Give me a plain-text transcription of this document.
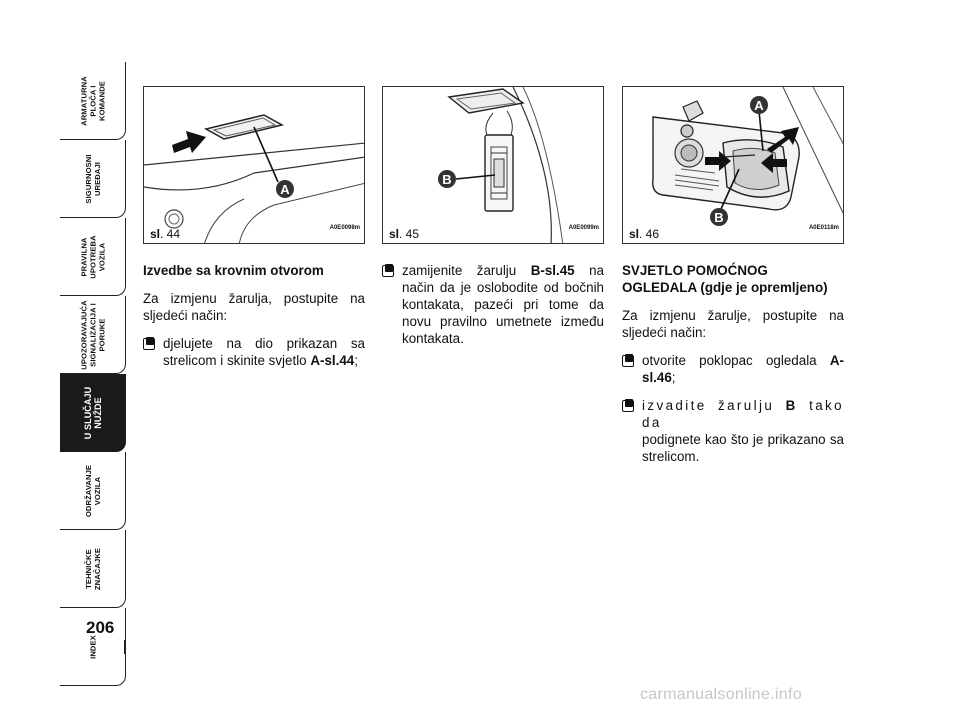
ARMATURNA
PLOČA I
KOMANDE
SIGURNOSNI
UREĐAJI
PRAVILNA
UPOTREBA
VOZILA
UPOZORAVAJUĆA
SIGNALIZACIJA I
PORUKE
U SLUČAJU
NUŽDE
ODRŽAVANJE
VOZILA
TEHNIČKE
ZNAČAJKE
INDEX
206
A
sl. 44	A0E0098m
B
sl. 45	A0E0099m
A
B
sl. 46	A0E0118m

Izvedbe sa krovnim otvorom

Za izmjenu žarulja, postupite na sljedeći način:

djelujete na dio prikazan sa strelicom i skinite svjetlo A-sl.44;
zamijenite žarulju B-sl.45 na način da je oslobodite od bočnih kontakata, pazeći pri tome da novu pravilno umetnete između kontakata.

SVJETLO POMOĆNOG OGLEDALA (gdje je opremljeno)

Za izmjenu žarulje, postupite na sljedeći način:

otvorite poklopac ogledala A-sl.46;
izvadite žarulju B tako da
podignete kao što je prikazano sa strelicom.
carmanualsonline.info
